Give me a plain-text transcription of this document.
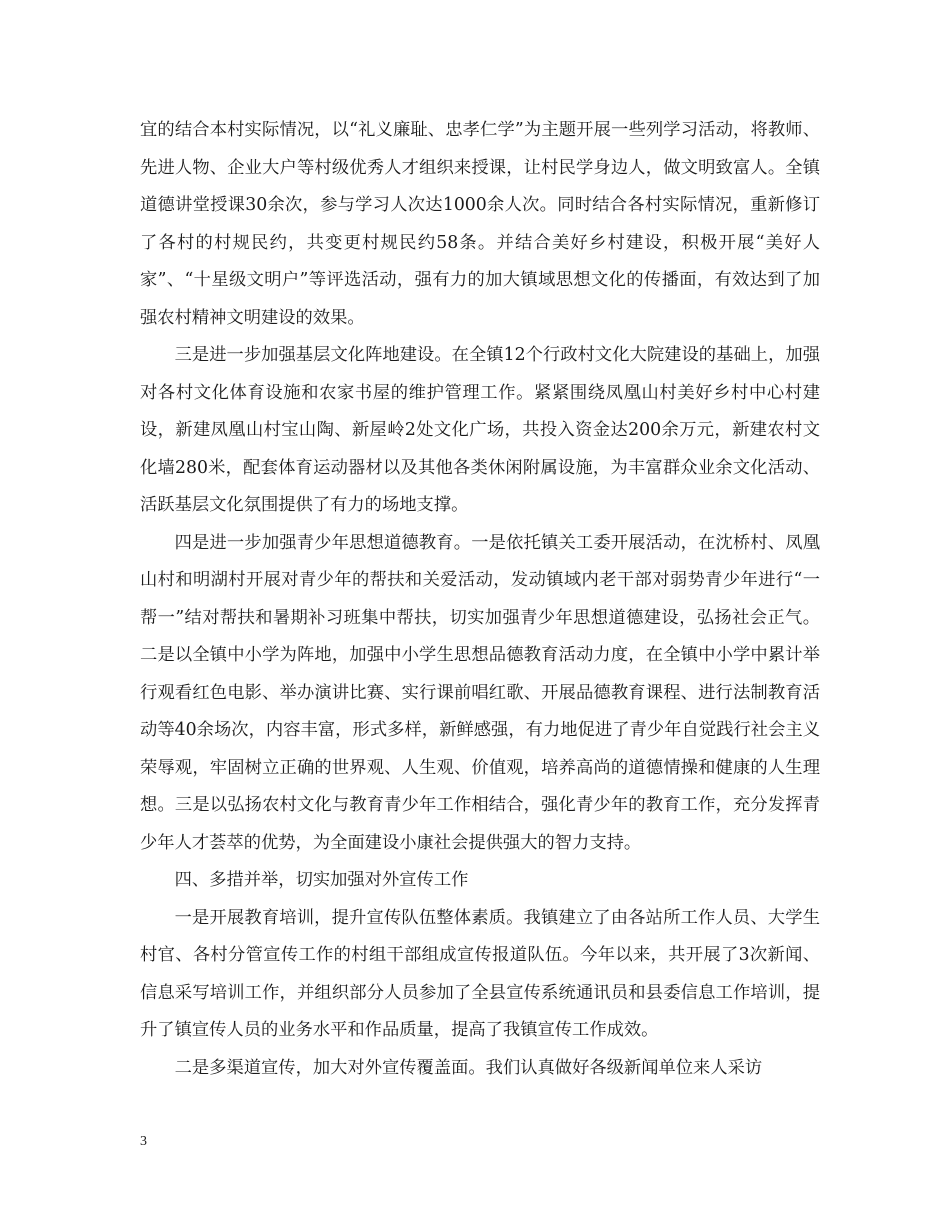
宜的结合本村实际情况，以“礼义廉耻、忠孝仁学”为主题开展一些列学习活动，将教师、先进人物、企业大户等村级优秀人才组织来授课，让村民学身边人，做文明致富人。全镇道德讲堂授课30余次，参与学习人次达1000余人次。同时结合各村实际情况，重新修订了各村的村规民约，共变更村规民约58条。并结合美好乡村建设，积极开展“美好人家”、“十星级文明户”等评选活动，强有力的加大镇域思想文化的传播面，有效达到了加强农村精神文明建设的效果。

三是进一步加强基层文化阵地建设。在全镇12个行政村文化大院建设的基础上，加强对各村文化体育设施和农家书屋的维护管理工作。紧紧围绕凤凰山村美好乡村中心村建设，新建凤凰山村宝山陶、新屋岭2处文化广场，共投入资金达200余万元，新建农村文化墙280米，配套体育运动器材以及其他各类休闲附属设施，为丰富群众业余文化活动、活跃基层文化氛围提供了有力的场地支撑。

四是进一步加强青少年思想道德教育。一是依托镇关工委开展活动，在沈桥村、凤凰山村和明湖村开展对青少年的帮扶和关爱活动，发动镇域内老干部对弱势青少年进行“一帮一”结对帮扶和暑期补习班集中帮扶，切实加强青少年思想道德建设，弘扬社会正气。二是以全镇中小学为阵地，加强中小学生思想品德教育活动力度，在全镇中小学中累计举行观看红色电影、举办演讲比赛、实行课前唱红歌、开展品德教育课程、进行法制教育活动等40余场次，内容丰富，形式多样，新鲜感强，有力地促进了青少年自觉践行社会主义荣辱观，牢固树立正确的世界观、人生观、价值观，培养高尚的道德情操和健康的人生理想。三是以弘扬农村文化与教育青少年工作相结合，强化青少年的教育工作，充分发挥青少年人才荟萃的优势，为全面建设小康社会提供强大的智力支持。

四、多措并举，切实加强对外宣传工作

一是开展教育培训，提升宣传队伍整体素质。我镇建立了由各站所工作人员、大学生村官、各村分管宣传工作的村组干部组成宣传报道队伍。今年以来，共开展了3次新闻、信息采写培训工作，并组织部分人员参加了全县宣传系统通讯员和县委信息工作培训，提升了镇宣传人员的业务水平和作品质量，提高了我镇宣传工作成效。

二是多渠道宣传，加大对外宣传覆盖面。我们认真做好各级新闻单位来人采访

3
